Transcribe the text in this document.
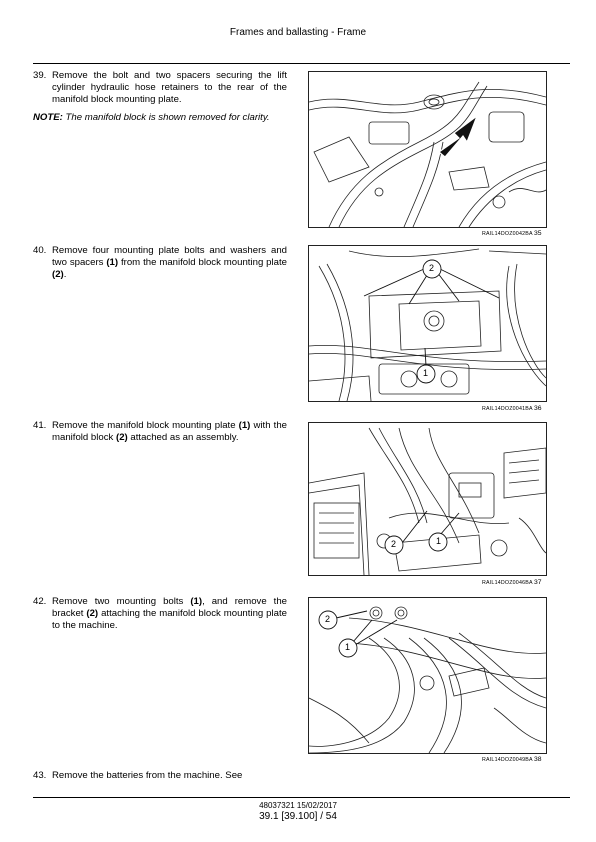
Frames and ballasting - Frame
39. Remove the bolt and two spacers securing the lift cylinder hydraulic hose retainers to the rear of the manifold block mounting plate.
NOTE: The manifold block is shown removed for clarity.
40. Remove four mounting plate bolts and washers and two spacers (1) from the manifold block mounting plate (2).
41. Remove the manifold block mounting plate (1) with the manifold block (2) attached as an assembly.
42. Remove two mounting bolts (1), and remove the bracket (2) attaching the manifold block mounting plate to the machine.
43. Remove the batteries from the machine. See
RAIL14DOZ0042BA 35
2
1
RAIL14DOZ0041BA 36
2	1
RAIL14DOZ0046BA 37
2
1
RAIL14DOZ0049BA 38
48037321 15/02/2017
39.1 [39.100] / 54
